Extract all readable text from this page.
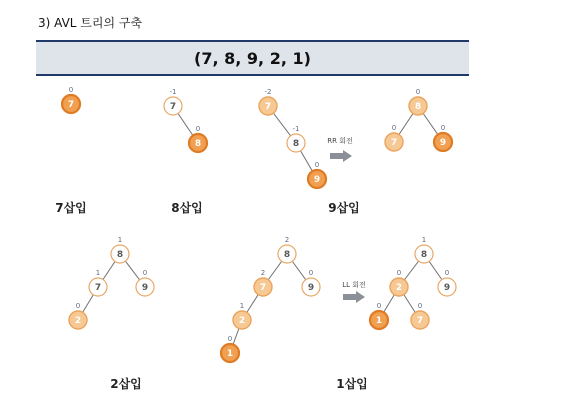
3) AVL 트리의 구축
(7, 8, 9, 2, 1)
7
0
7삽입
7
-1
8
0
8삽입
7
-2
8
-1
9
0
9삽입
8
0
7
0
9
0
RR 회전
8
1
7
1
9
0
2
0
2삽입
8
2
7
2
9
0
2
1
1
0
1삽입
8
1
2
0
9
0
1
0
7
0
LL 회전
